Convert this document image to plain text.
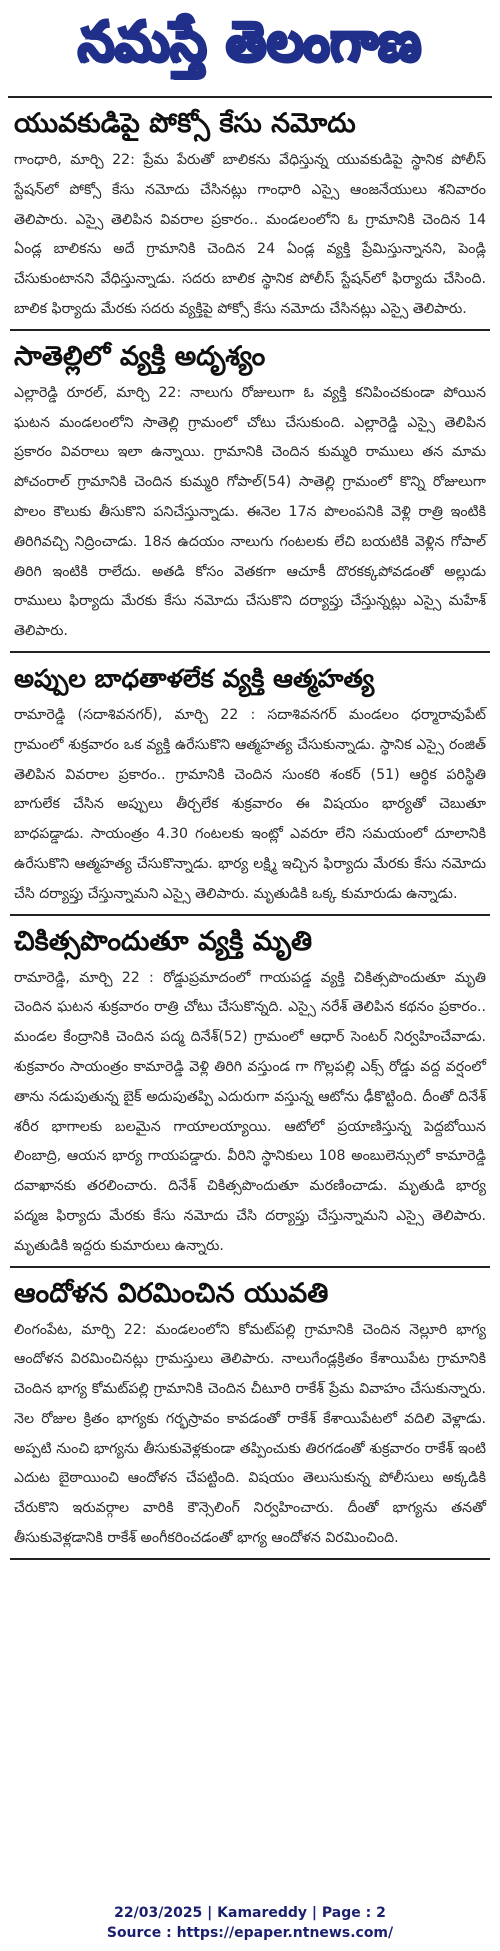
నమస్తే తెలంగాణ
యువకుడిపై పోక్సో కేసు నమోదు

గాంధారి, మార్చి 22: ప్రేమ పేరుతో బాలికను వేధిస్తున్న యువకుడిపై స్థానిక పోలీస్ స్టేషన్‌లో పోక్సో కేసు నమోదు చేసినట్లు గాంధారి ఎస్సై ఆంజనేయులు శనివారం తెలిపారు. ఎస్సై తెలిపిన వివరాల ప్రకారం.. మండలంలోని ఓ గ్రామానికి చెందిన 14 ఏండ్ల బాలికను అదే గ్రామానికి చెందిన 24 ఏండ్ల వ్యక్తి ప్రేమిస్తున్నానని, పెండ్లి చేసుకుంటానని వేధిస్తున్నాడు. సదరు బాలిక స్థానిక పోలీస్ స్టేషన్‌లో ఫిర్యాదు చేసింది. బాలిక ఫిర్యాదు మేరకు సదరు వ్యక్తిపై పోక్సో కేసు నమోదు చేసినట్లు ఎస్సై తెలిపారు.

సాతెల్లిలో వ్యక్తి అదృశ్యం

ఎల్లారెడ్డి రూరల్, మార్చి 22: నాలుగు రోజులుగా ఓ వ్యక్తి కనిపించకుండా పోయిన ఘటన మండలంలోని సాతెల్లి గ్రామంలో చోటు చేసుకుంది. ఎల్లారెడ్డి ఎస్సై తెలిపిన ప్రకారం వివరాలు ఇలా ఉన్నాయి. గ్రామానికి చెందిన కుమ్మరి రాములు తన మామ పోచంరాల్ గ్రామానికి చెందిన కుమ్మరి గోపాల్(54) సాతెల్లి గ్రామంలో కొన్ని రోజులుగా పొలం కౌలుకు తీసుకొని పనిచేస్తున్నాడు. ఈనెల 17న పొలంపనికి వెళ్లి రాత్రి ఇంటికి తిరిగివచ్చి నిద్రించాడు. 18న ఉదయం నాలుగు గంటలకు లేచి బయటికి వెళ్లిన గోపాల్ తిరిగి ఇంటికి రాలేదు. అతడి కోసం వెతకగా ఆచూకీ దొరకక్కపోవడంతో అల్లుడు రాములు ఫిర్యాదు మేరకు కేసు నమోదు చేసుకొని దర్యాప్తు చేస్తున్నట్లు ఎస్సై మహేశ్ తెలిపారు.

అప్పుల బాధతాళలేక వ్యక్తి ఆత్మహత్య

రామారెడ్డి (సదాశివనగర్), మార్చి 22 : సదాశివనగర్ మండలం ధర్మారావుపేట్ గ్రామంలో శుక్రవారం ఒక వ్యక్తి ఉరేసుకొని ఆత్మహత్య చేసుకున్నాడు. స్థానిక ఎస్సై రంజిత్ తెలిపిన వివరాల ప్రకారం.. గ్రామానికి చెందిన సుంకరి శంకర్ (51) ఆర్థిక పరిస్థితి బాగులేక చేసిన అప్పులు తీర్చలేక శుక్రవారం ఈ విషయం భార్యతో చెబుతూ బాధపడ్డాడు. సాయంత్రం 4.30 గంటలకు ఇంట్లో ఎవరూ లేని సమయంలో దూలానికి ఉరేసుకొని ఆత్మహత్య చేసుకొన్నాడు. భార్య లక్ష్మి ఇచ్చిన ఫిర్యాదు మేరకు కేసు నమోదు చేసి దర్యాప్తు చేస్తున్నామని ఎస్సై తెలిపారు. మృతుడికి ఒక్క కుమారుడు ఉన్నాడు.

చికిత్సపొందుతూ వ్యక్తి మృతి

రామారెడ్డి, మార్చి 22 : రోడ్డుప్రమాదంలో గాయపడ్డ వ్యక్తి చికిత్సపొందుతూ మృతి చెందిన ఘటన శుక్రవారం రాత్రి చోటు చేసుకొన్నది. ఎస్సై నరేశ్ తెలిపిన కథనం ప్రకారం.. మండల కేంద్రానికి చెందిన పద్మ దినేశ్(52) గ్రామంలో ఆధార్ సెంటర్ నిర్వహించేవాడు. శుక్రవారం సాయంత్రం కామారెడ్డి వెళ్లి తిరిగి వస్తుండ గా గొల్లపల్లి ఎక్స్ రోడ్డు వద్ద వర్షంలో తాను నడుపుతున్న బైక్ అదుపుతప్పి ఎదురుగా వస్తున్న ఆటోను ఢీకొట్టింది. దీంతో దినేశ్ శరీర భాగాలకు బలమైన గాయాలయ్యాయి. ఆటోలో ప్రయాణిస్తున్న పెద్దబోయిన లింబాద్రి, ఆయన భార్య గాయపడ్డారు. వీరిని స్థానికులు 108 అంబులెన్సులో కామారెడ్డి దవాఖానకు తరలించారు. దినేశ్ చికిత్సపొందుతూ మరణించాడు. మృతుడి భార్య పద్మజ ఫిర్యాదు మేరకు కేసు నమోదు చేసి దర్యాప్తు చేస్తున్నామని ఎస్సై తెలిపారు. మృతుడికి ఇద్దరు కుమారులు ఉన్నారు.

ఆందోళన విరమించిన యువతి

లింగంపేట, మార్చి 22: మండలంలోని కోమట్‌పల్లి గ్రామానికి చెందిన నెల్లూరి భాగ్య ఆందోళన విరమించినట్లు గ్రామస్తులు తెలిపారు. నాలుగేండ్లక్రితం కేశాయిపేట గ్రామానికి చెందిన భాగ్య కోమట్‌పల్లి గ్రామానికి చెందిన చీటూరి రాకేశ్ ప్రేమ వివాహం చేసుకున్నారు. నెల రోజుల క్రితం భాగ్యకు గర్భస్రావం కావడంతో రాకేశ్ కేశాయిపేటలో వదిలి వెళ్లాడు. అప్పటి నుంచి భాగ్యను తీసుకువెళ్లకుండా తప్పించుకు తిరగడంతో శుక్రవారం రాకేశ్ ఇంటి ఎదుట బైఠాయించి ఆందోళన చేపట్టింది. విషయం తెలుసుకున్న పోలీసులు అక్కడికి చేరుకొని ఇరువర్గాల వారికి కౌన్సెలింగ్ నిర్వహించారు. దీంతో భాగ్యను తనతో తీసుకువెళ్లడానికి రాకేశ్ అంగీకరించడంతో భాగ్య ఆందోళన విరమించింది.

22/03/2025 | Kamareddy | Page : 2
Source : https://epaper.ntnews.com/
